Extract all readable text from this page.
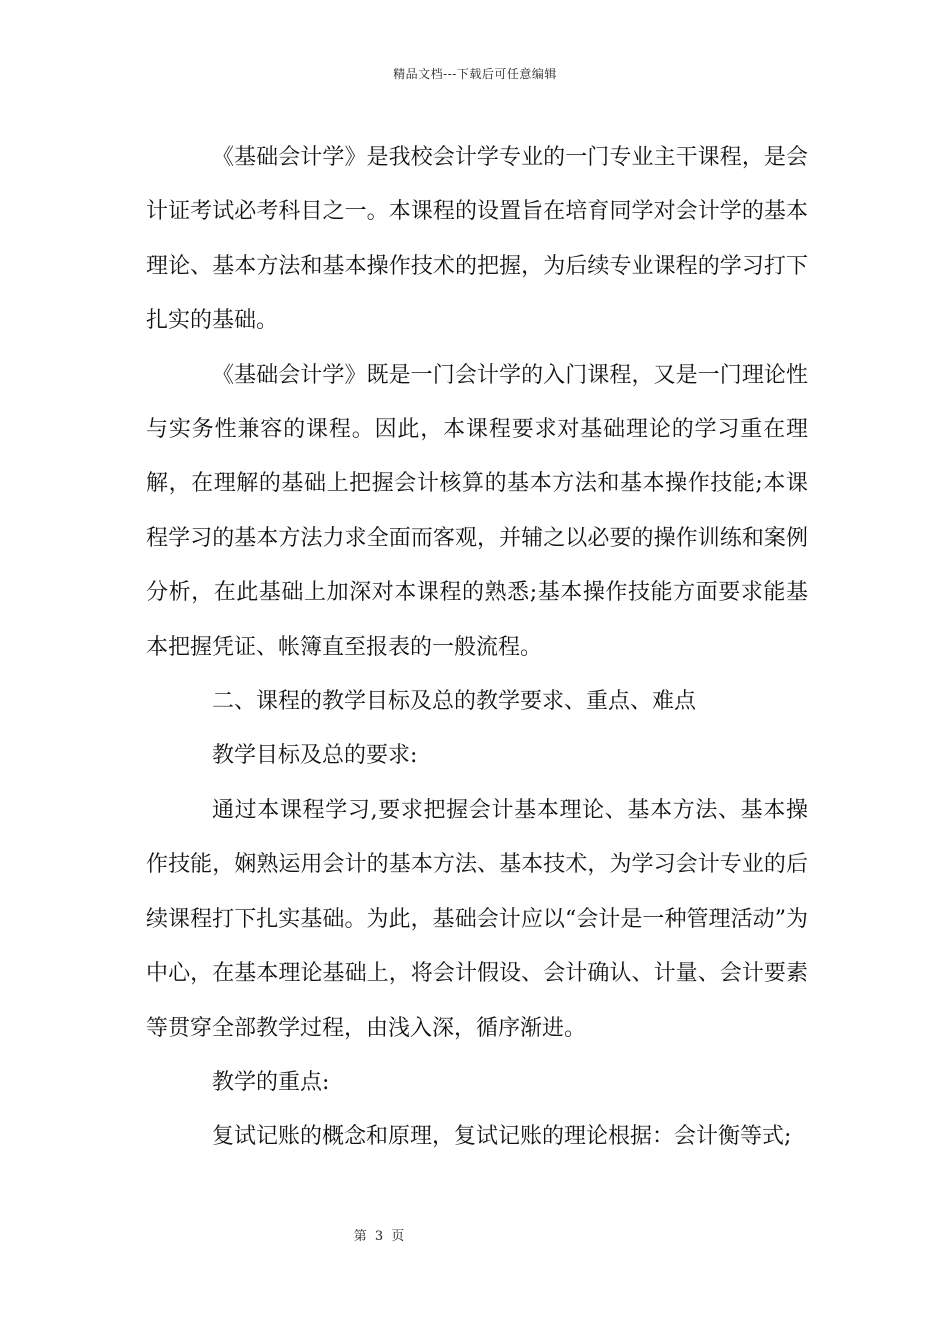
精品文档---下载后可任意编辑

《基础会计学》是我校会计学专业的一门专业主干课程，是会计证考试必考科目之一。本课程的设置旨在培育同学对会计学的基本理论、基本方法和基本操作技术的把握，为后续专业课程的学习打下扎实的基础。

《基础会计学》既是一门会计学的入门课程，又是一门理论性与实务性兼容的课程。因此，本课程要求对基础理论的学习重在理解，在理解的基础上把握会计核算的基本方法和基本操作技能;本课程学习的基本方法力求全面而客观，并辅之以必要的操作训练和案例分析，在此基础上加深对本课程的熟悉;基本操作技能方面要求能基本把握凭证、帐簿直至报表的一般流程。

二、课程的教学目标及总的教学要求、重点、难点

教学目标及总的要求:

通过本课程学习,要求把握会计基本理论、基本方法、基本操作技能，娴熟运用会计的基本方法、基本技术，为学习会计专业的后续课程打下扎实基础。为此，基础会计应以“会计是一种管理活动”为中心，在基本理论基础上，将会计假设、会计确认、计量、会计要素等贯穿全部教学过程，由浅入深，循序渐进。

教学的重点:

复试记账的概念和原理，复试记账的理论根据：会计衡等式;

第 3 页
